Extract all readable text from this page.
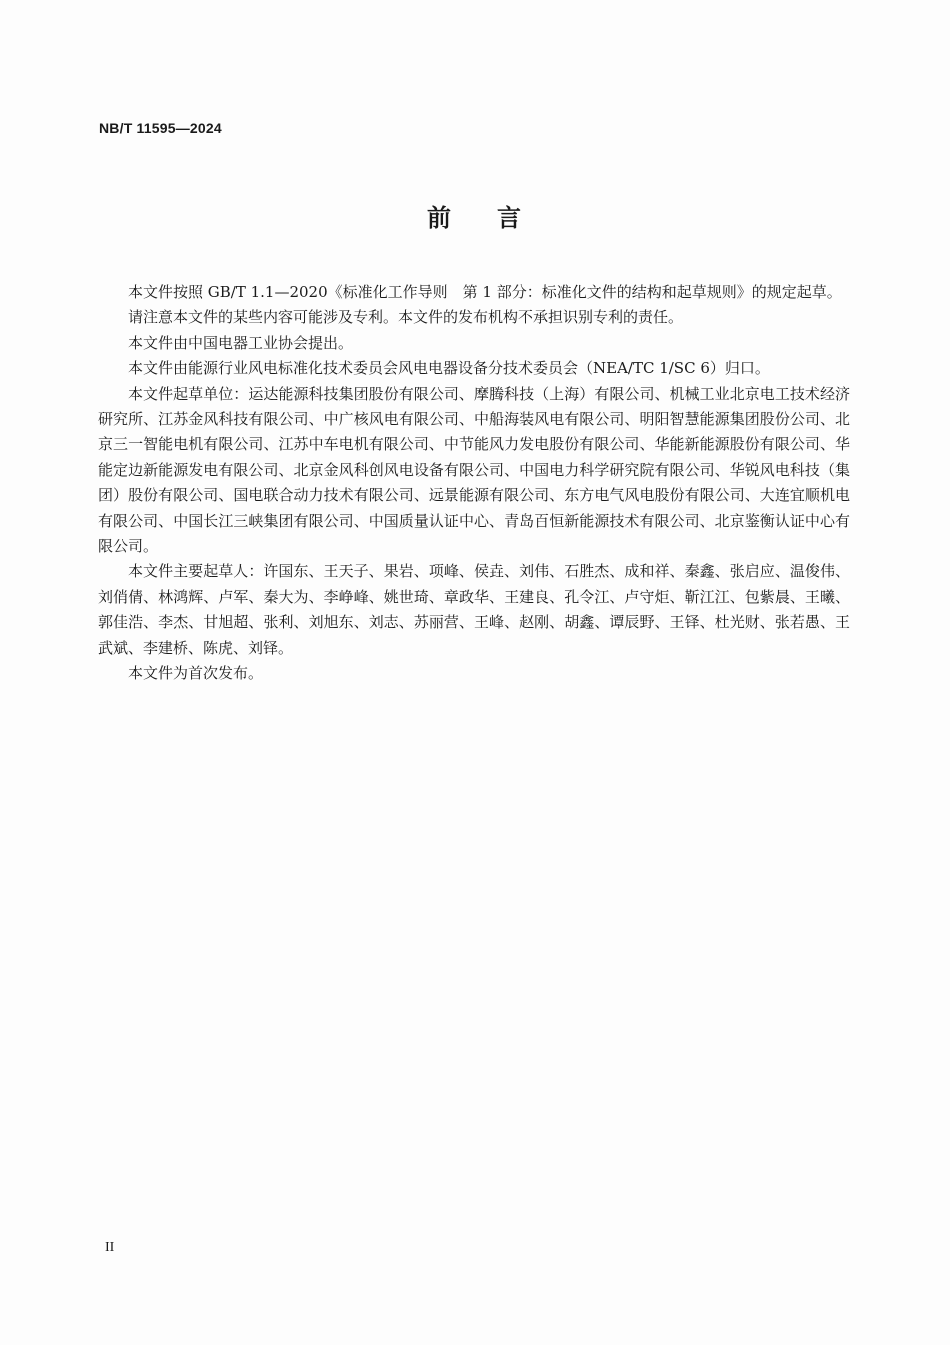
NB/T 11595—2024
前 言

本文件按照 GB/T 1.1—2020《标准化工作导则　第 1 部分：标准化文件的结构和起草规则》的规定起草。

请注意本文件的某些内容可能涉及专利。本文件的发布机构不承担识别专利的责任。

本文件由中国电器工业协会提出。

本文件由能源行业风电标准化技术委员会风电电器设备分技术委员会（NEA/TC 1/SC 6）归口。

本文件起草单位：运达能源科技集团股份有限公司、摩腾科技（上海）有限公司、机械工业北京电工技术经济研究所、江苏金风科技有限公司、中广核风电有限公司、中船海装风电有限公司、明阳智慧能源集团股份公司、北京三一智能电机有限公司、江苏中车电机有限公司、中节能风力发电股份有限公司、华能新能源股份有限公司、华能定边新能源发电有限公司、北京金风科创风电设备有限公司、中国电力科学研究院有限公司、华锐风电科技（集团）股份有限公司、国电联合动力技术有限公司、远景能源有限公司、东方电气风电股份有限公司、大连宜顺机电有限公司、中国长江三峡集团有限公司、中国质量认证中心、青岛百恒新能源技术有限公司、北京鉴衡认证中心有限公司。

本文件主要起草人：许国东、王天子、果岩、项峰、侯垚、刘伟、石胜杰、成和祥、秦鑫、张启应、温俊伟、刘俏倩、林鸿辉、卢军、秦大为、李峥峰、姚世琦、章政华、王建良、孔令江、卢守炬、靳江江、包紫晨、王曦、郭佳浩、李杰、甘旭超、张利、刘旭东、刘志、苏丽营、王峰、赵刚、胡鑫、谭辰野、王铎、杜光财、张若愚、王武斌、李建桥、陈虎、刘铎。

本文件为首次发布。

II
